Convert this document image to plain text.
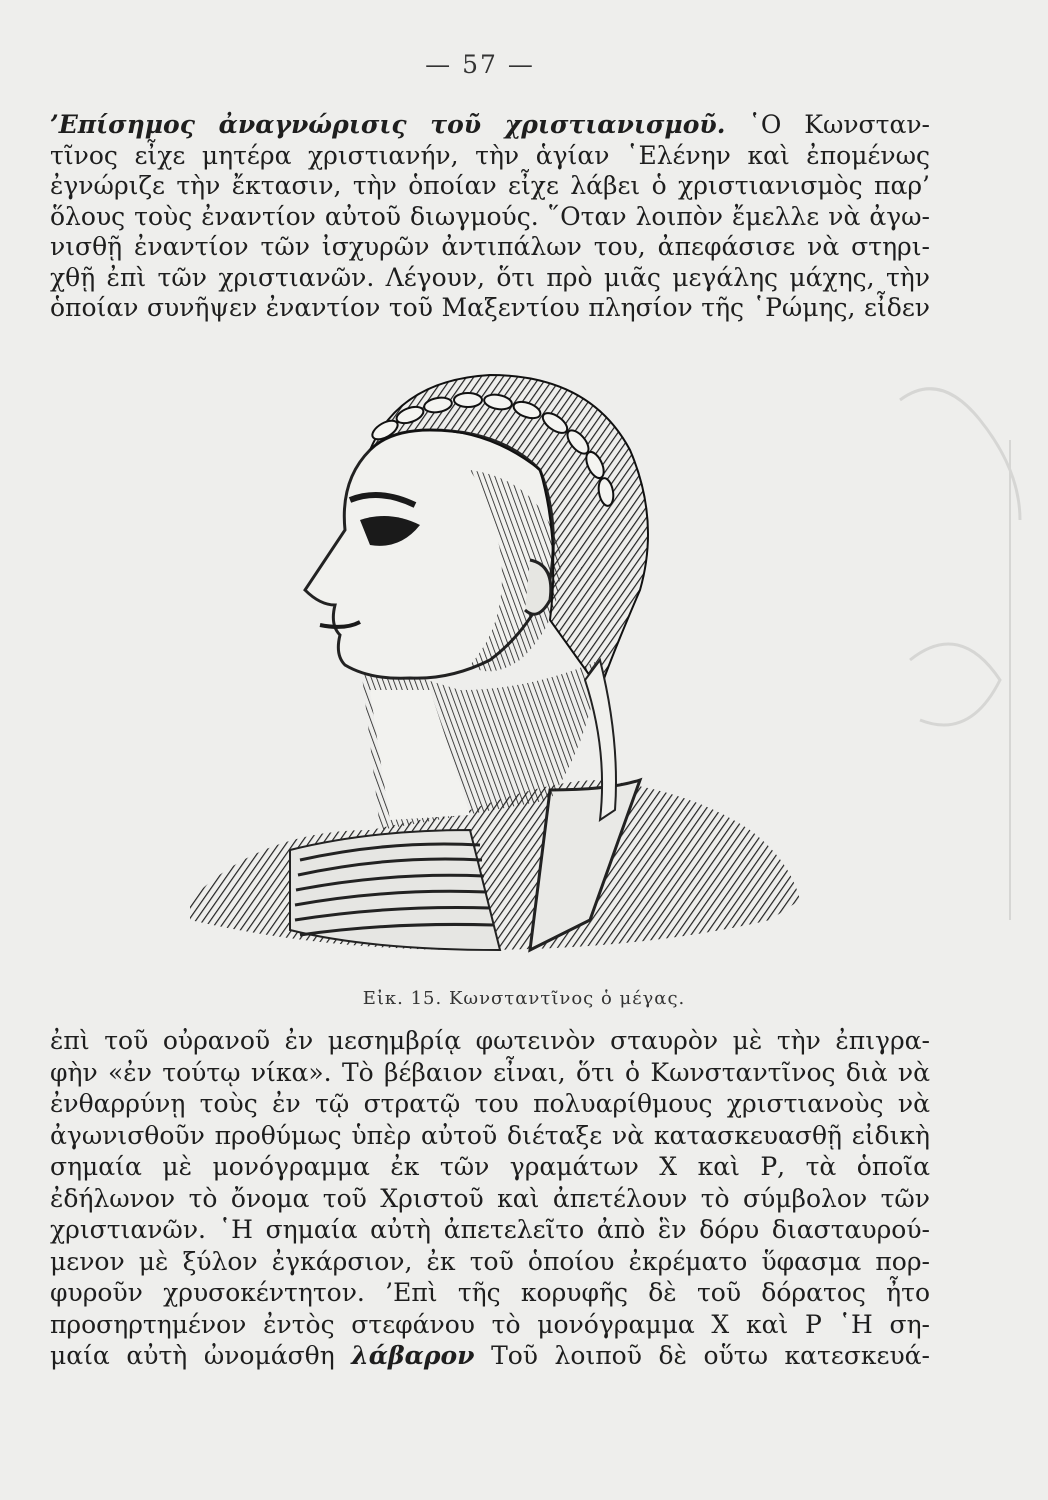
— 57 —
’Επίσημος ἀναγνώρισις τοῦ χριστιανισμοῦ. ῾Ο Κωνσταν-
τῖνος εἶχε μητέρα χριστιανήν, τὴν ἁγίαν ῾Ελένην καὶ ἐπομένως
ἐγνώριζε τὴν ἔκτασιν, τὴν ὁποίαν εἶχε λάβει ὁ χριστιανισμὸς παρ’
ὅλους τοὺς ἐναντίον αὐτοῦ διωγμούς. ῞Οταν λοιπὸν ἔμελλε νὰ ἀγω-
νισθῇ ἐναντίον τῶν ἰσχυρῶν ἀντιπάλων του, ἀπεφάσισε νὰ στηρι-
χθῇ ἐπὶ τῶν χριστιανῶν. Λέγουν, ὅτι πρὸ μιᾶς μεγάλης μάχης, τὴν
ὁποίαν συνῆψεν ἐναντίον τοῦ Μαξεντίου πλησίον τῆς ῾Ρώμης, εἶδεν
Εἰκ. 15. Κωνσταντῖνος ὁ μέγας.
ἐπὶ τοῦ οὐρανοῦ ἐν μεσημβρίᾳ φωτεινὸν σταυρὸν μὲ τὴν ἐπιγρα-
φὴν «ἐν τούτῳ νίκα». Τὸ βέβαιον εἶναι, ὅτι ὁ Κωνσταντῖνος διὰ νὰ
ἐνθαρρύνῃ τοὺς ἐν τῷ στρατῷ του πολυαρίθμους χριστιανοὺς νὰ
ἀγωνισθοῦν προθύμως ὑπὲρ αὐτοῦ διέταξε νὰ κατασκευασθῇ εἰδικὴ
σημαία μὲ μονόγραμμα ἐκ τῶν γραμάτων Χ καὶ Ρ, τὰ ὁποῖα
ἐδήλωνον τὸ ὄνομα τοῦ Χριστοῦ καὶ ἀπετέλουν τὸ σύμβολον τῶν
χριστιανῶν. ῾Η σημαία αὐτὴ ἀπετελεῖτο ἀπὸ ἓν δόρυ διασταυρού-
μενον μὲ ξύλον ἐγκάρσιον, ἐκ τοῦ ὁποίου ἐκρέματο ὕφασμα πορ-
φυροῦν χρυσοκέντητον. ’Επὶ τῆς κορυφῆς δὲ τοῦ δόρατος ἦτο
προσηρτημένον ἐντὸς στεφάνου τὸ μονόγραμμα Χ καὶ Ρ ῾Η ση-
μαία αὐτὴ ὠνομάσθη λάβαρον Τοῦ λοιποῦ δὲ οὕτω κατεσκευά-
